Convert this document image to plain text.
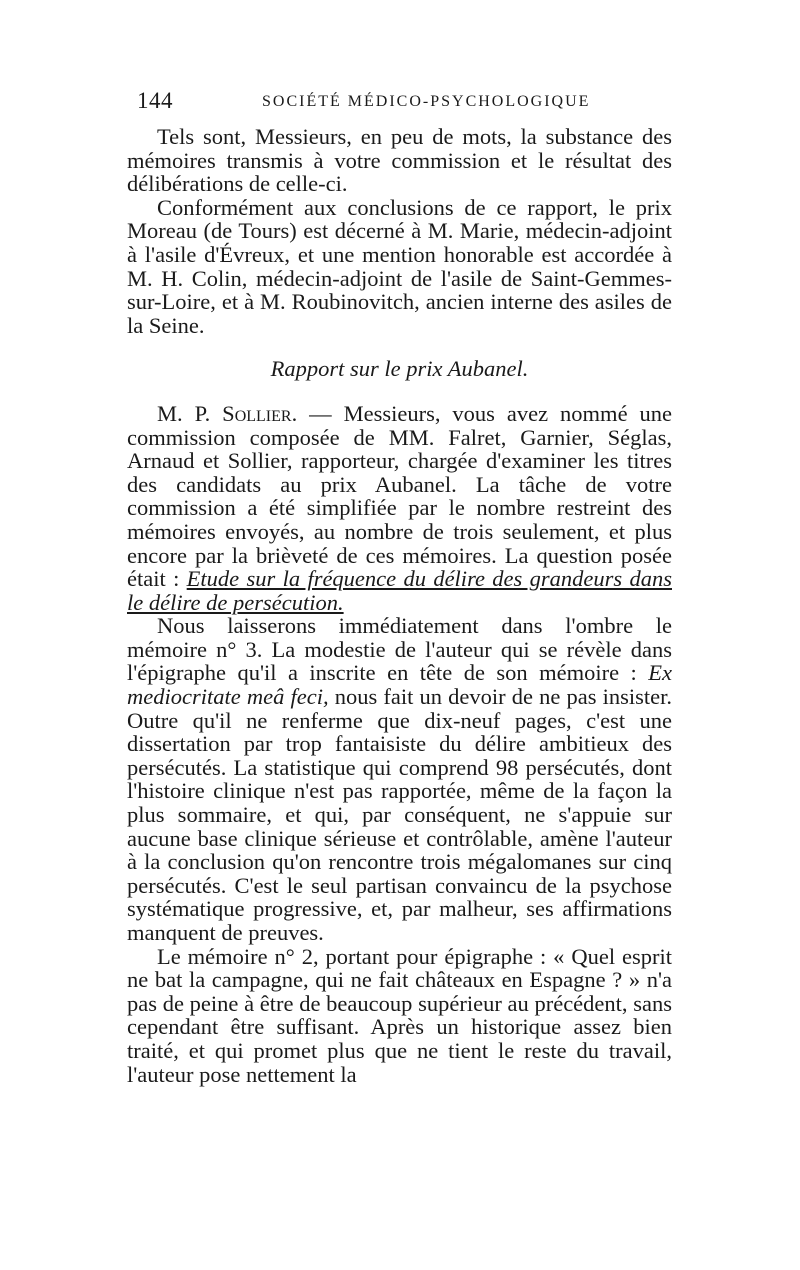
144	SOCIÉTÉ MÉDICO-PSYCHOLOGIQUE

Tels sont, Messieurs, en peu de mots, la substance des mémoires transmis à votre commission et le résultat des délibérations de celle-ci.

Conformément aux conclusions de ce rapport, le prix Moreau (de Tours) est décerné à M. Marie, médecin-adjoint à l'asile d'Évreux, et une mention honorable est accordée à M. H. Colin, médecin-adjoint de l'asile de Saint-Gemmes-sur-Loire, et à M. Roubinovitch, ancien interne des asiles de la Seine.

Rapport sur le prix Aubanel.

M. P. Sollier. — Messieurs, vous avez nommé une commission composée de MM. Falret, Garnier, Séglas, Arnaud et Sollier, rapporteur, chargée d'examiner les titres des candidats au prix Aubanel. La tâche de votre commission a été simplifiée par le nombre restreint des mémoires envoyés, au nombre de trois seulement, et plus encore par la brièveté de ces mémoires. La question posée était : Etude sur la fréquence du délire des grandeurs dans le délire de persécution.

Nous laisserons immédiatement dans l'ombre le mémoire n° 3. La modestie de l'auteur qui se révèle dans l'épigraphe qu'il a inscrite en tête de son mémoire : Ex mediocritate meâ feci, nous fait un devoir de ne pas insister. Outre qu'il ne renferme que dix-neuf pages, c'est une dissertation par trop fantaisiste du délire ambitieux des persécutés. La statistique qui comprend 98 persécutés, dont l'histoire clinique n'est pas rapportée, même de la façon la plus sommaire, et qui, par conséquent, ne s'appuie sur aucune base clinique sérieuse et contrôlable, amène l'auteur à la conclusion qu'on rencontre trois mégalomanes sur cinq persécutés. C'est le seul partisan convaincu de la psychose systématique progressive, et, par malheur, ses affirmations manquent de preuves.

Le mémoire n° 2, portant pour épigraphe : « Quel esprit ne bat la campagne, qui ne fait châteaux en Espagne ? » n'a pas de peine à être de beaucoup supérieur au précédent, sans cependant être suffisant. Après un historique assez bien traité, et qui promet plus que ne tient le reste du travail, l'auteur pose nettement la
